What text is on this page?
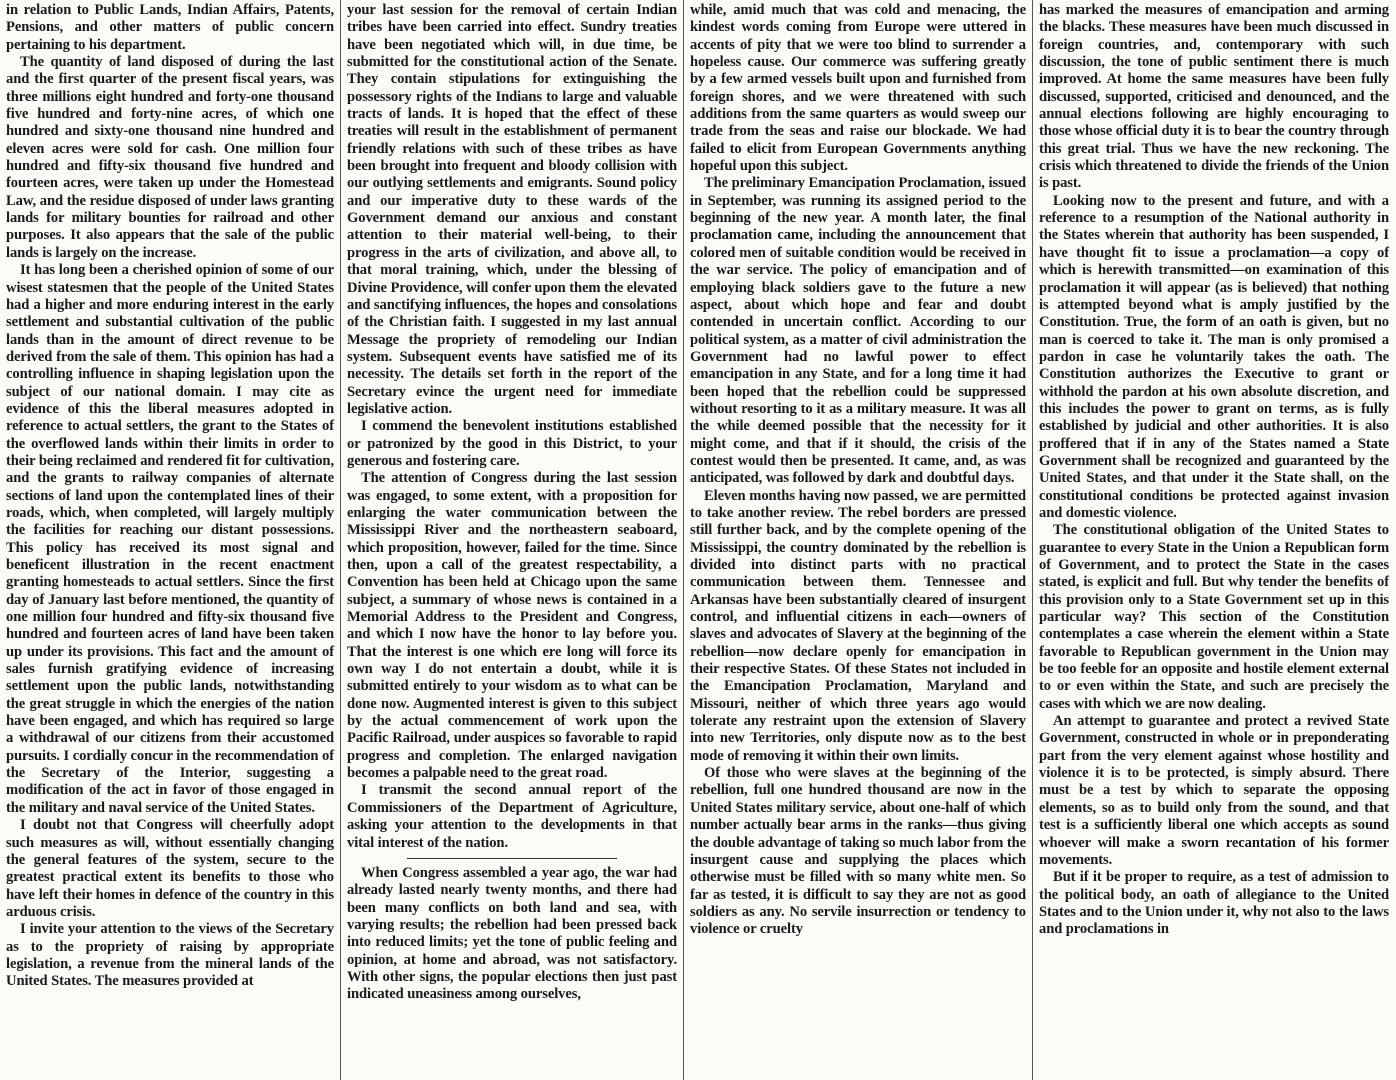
in relation to Public Lands, Indian Affairs, Patents, Pensions, and other matters of public concern pertaining to his department.

The quantity of land disposed of during the last and the first quarter of the present fiscal years, was three millions eight hundred and forty-one thousand five hundred and forty-nine acres, of which one hundred and sixty-one thousand nine hundred and eleven acres were sold for cash. One million four hundred and fifty-six thousand five hundred and fourteen acres, were taken up under the Homestead Law, and the residue disposed of under laws granting lands for military bounties for railroad and other purposes. It also appears that the sale of the public lands is largely on the increase.

It has long been a cherished opinion of some of our wisest statesmen that the people of the United States had a higher and more enduring interest in the early settlement and substantial cultivation of the public lands than in the amount of direct revenue to be derived from the sale of them. This opinion has had a controlling influence in shaping legislation upon the subject of our national domain. I may cite as evidence of this the liberal measures adopted in reference to actual settlers, the grant to the States of the overflowed lands within their limits in order to their being reclaimed and rendered fit for cultivation, and the grants to railway companies of alternate sections of land upon the contemplated lines of their roads, which, when completed, will largely multiply the facilities for reaching our distant possessions. This policy has received its most signal and beneficent illustration in the recent enactment granting homesteads to actual settlers. Since the first day of January last before mentioned, the quantity of one million four hundred and fifty-six thousand five hundred and fourteen acres of land have been taken up under its provisions. This fact and the amount of sales furnish gratifying evidence of increasing settlement upon the public lands, notwithstanding the great struggle in which the energies of the nation have been engaged, and which has required so large a withdrawal of our citizens from their accustomed pursuits. I cordially concur in the recommendation of the Secretary of the Interior, suggesting a modification of the act in favor of those engaged in the military and naval service of the United States.

I doubt not that Congress will cheerfully adopt such measures as will, without essentially changing the general features of the system, secure to the greatest practical extent its benefits to those who have left their homes in defence of the country in this arduous crisis.

I invite your attention to the views of the Secretary as to the propriety of raising by appropriate legislation, a revenue from the mineral lands of the United States. The measures provided at

your last session for the removal of certain Indian tribes have been carried into effect. Sundry treaties have been negotiated which will, in due time, be submitted for the constitutional action of the Senate. They contain stipulations for extinguishing the possessory rights of the Indians to large and valuable tracts of lands. It is hoped that the effect of these treaties will result in the establishment of permanent friendly relations with such of these tribes as have been brought into frequent and bloody collision with our outlying settlements and emigrants. Sound policy and our imperative duty to these wards of the Government demand our anxious and constant attention to their material well-being, to their progress in the arts of civilization, and above all, to that moral training, which, under the blessing of Divine Providence, will confer upon them the elevated and sanctifying influences, the hopes and consolations of the Christian faith. I suggested in my last annual Message the propriety of remodeling our Indian system. Subsequent events have satisfied me of its necessity. The details set forth in the report of the Secretary evince the urgent need for immediate legislative action.

I commend the benevolent institutions established or patronized by the good in this District, to your generous and fostering care.

The attention of Congress during the last session was engaged, to some extent, with a proposition for enlarging the water communication between the Mississippi River and the northeastern seaboard, which proposition, however, failed for the time. Since then, upon a call of the greatest respectability, a Convention has been held at Chicago upon the same subject, a summary of whose news is contained in a Memorial Address to the President and Congress, and which I now have the honor to lay before you. That the interest is one which ere long will force its own way I do not entertain a doubt, while it is submitted entirely to your wisdom as to what can be done now. Augmented interest is given to this subject by the actual commencement of work upon the Pacific Railroad, under auspices so favorable to rapid progress and completion. The enlarged navigation becomes a palpable need to the great road.

I transmit the second annual report of the Commissioners of the Department of Agriculture, asking your attention to the developments in that vital interest of the nation.

When Congress assembled a year ago, the war had already lasted nearly twenty months, and there had been many conflicts on both land and sea, with varying results; the rebellion had been pressed back into reduced limits; yet the tone of public feeling and opinion, at home and abroad, was not satisfactory. With other signs, the popular elections then just past indicated uneasiness among ourselves,

while, amid much that was cold and menacing, the kindest words coming from Europe were uttered in accents of pity that we were too blind to surrender a hopeless cause. Our commerce was suffering greatly by a few armed vessels built upon and furnished from foreign shores, and we were threatened with such additions from the same quarters as would sweep our trade from the seas and raise our blockade. We had failed to elicit from European Governments anything hopeful upon this subject.

The preliminary Emancipation Proclamation, issued in September, was running its assigned period to the beginning of the new year. A month later, the final proclamation came, including the announcement that colored men of suitable condition would be received in the war service. The policy of emancipation and of employing black soldiers gave to the future a new aspect, about which hope and fear and doubt contended in uncertain conflict. According to our political system, as a matter of civil administration the Government had no lawful power to effect emancipation in any State, and for a long time it had been hoped that the rebellion could be suppressed without resorting to it as a military measure. It was all the while deemed possible that the necessity for it might come, and that if it should, the crisis of the contest would then be presented. It came, and, as was anticipated, was followed by dark and doubtful days.

Eleven months having now passed, we are permitted to take another review. The rebel borders are pressed still further back, and by the complete opening of the Mississippi, the country dominated by the rebellion is divided into distinct parts with no practical communication between them. Tennessee and Arkansas have been substantially cleared of insurgent control, and influential citizens in each—owners of slaves and advocates of Slavery at the beginning of the rebellion—now declare openly for emancipation in their respective States. Of these States not included in the Emancipation Proclamation, Maryland and Missouri, neither of which three years ago would tolerate any restraint upon the extension of Slavery into new Territories, only dispute now as to the best mode of removing it within their own limits.

Of those who were slaves at the beginning of the rebellion, full one hundred thousand are now in the United States military service, about one-half of which number actually bear arms in the ranks—thus giving the double advantage of taking so much labor from the insurgent cause and supplying the places which otherwise must be filled with so many white men. So far as tested, it is difficult to say they are not as good soldiers as any. No servile insurrection or tendency to violence or cruelty

has marked the measures of emancipation and arming the blacks. These measures have been much discussed in foreign countries, and, contemporary with such discussion, the tone of public sentiment there is much improved. At home the same measures have been fully discussed, supported, criticised and denounced, and the annual elections following are highly encouraging to those whose official duty it is to bear the country through this great trial. Thus we have the new reckoning. The crisis which threatened to divide the friends of the Union is past.

Looking now to the present and future, and with a reference to a resumption of the National authority in the States wherein that authority has been suspended, I have thought fit to issue a proclamation—a copy of which is herewith transmitted—on examination of this proclamation it will appear (as is believed) that nothing is attempted beyond what is amply justified by the Constitution. True, the form of an oath is given, but no man is coerced to take it. The man is only promised a pardon in case he voluntarily takes the oath. The Constitution authorizes the Executive to grant or withhold the pardon at his own absolute discretion, and this includes the power to grant on terms, as is fully established by judicial and other authorities. It is also proffered that if in any of the States named a State Government shall be recognized and guaranteed by the United States, and that under it the State shall, on the constitutional conditions be protected against invasion and domestic violence.

The constitutional obligation of the United States to guarantee to every State in the Union a Republican form of Government, and to protect the State in the cases stated, is explicit and full. But why tender the benefits of this provision only to a State Government set up in this particular way? This section of the Constitution contemplates a case wherein the element within a State favorable to Republican government in the Union may be too feeble for an opposite and hostile element external to or even within the State, and such are precisely the cases with which we are now dealing.

An attempt to guarantee and protect a revived State Government, constructed in whole or in preponderating part from the very element against whose hostility and violence it is to be protected, is simply absurd. There must be a test by which to separate the opposing elements, so as to build only from the sound, and that test is a sufficiently liberal one which accepts as sound whoever will make a sworn recantation of his former movements.

But if it be proper to require, as a test of admission to the political body, an oath of allegiance to the United States and to the Union under it, why not also to the laws and proclamations in
